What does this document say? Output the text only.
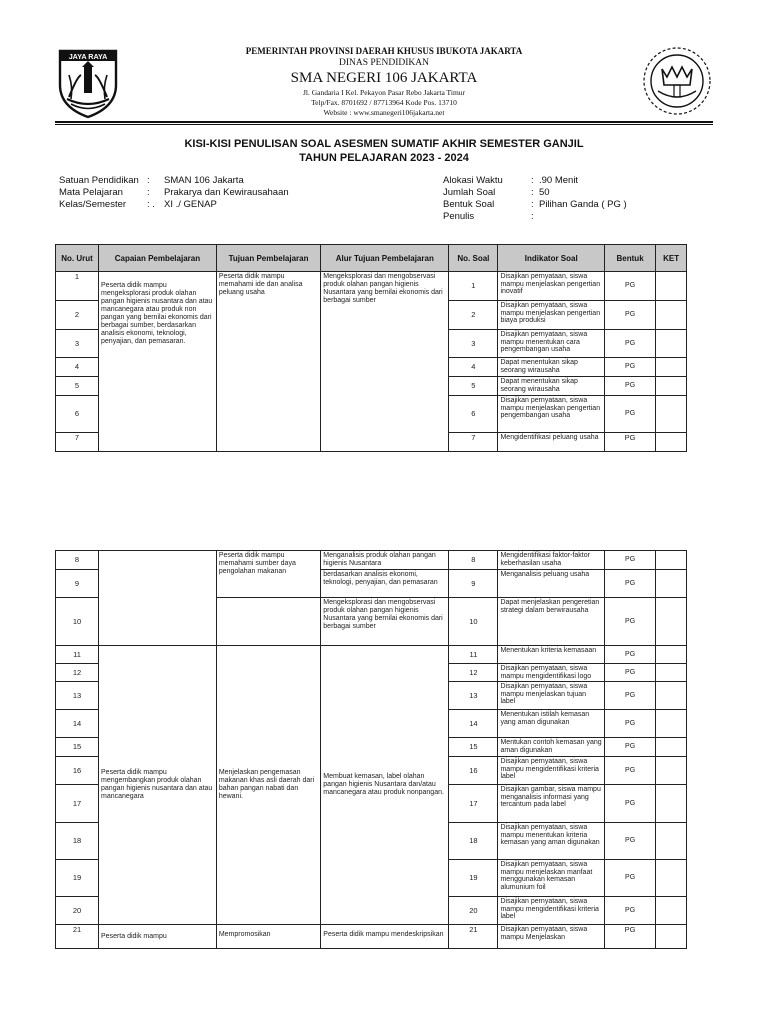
JAYA RAYA
PEMERINTAH PROVINSI DAERAH KHUSUS IBUKOTA JAKARTA
DINAS PENDIDIKAN
SMA NEGERI 106 JAKARTA
Jl. Gandaria I Kel. Pekayon Pasar Rebo Jakarta Timur
Telp/Fax. 8701692 / 87713964 Kode Pos. 13710
Website : www.smanegeri106jakarta.net
KISI-KISI PENULISAN SOAL ASESMEN SUMATIF AKHIR SEMESTER GANJIL
TAHUN PELAJARAN 2023 - 2024
Satuan Pendidikan :	SMAN 106 Jakarta
Mata Pelajaran	:	Prakarya dan Kewirausahaan
Kelas/Semester	: . XI ./ GENAP
Alokasi Waktu	: .90 Menit
Jumlah Soal	: 50
Bentuk Soal	: Pilihan Ganda ( PG )
Penulis	:
No. Urut	Capaian Pembelajaran	Tujuan Pembelajaran	Alur Tujuan Pembelajaran	No. Soal	Indikator Soal	Bentuk	KET
1	Peserta didik mampu mengeksplorasi produk olahan pangan higienis nusantara dan atau mancanegara atau produk non pangan yang bernilai ekonomis dari berbagai sumber, berdasarkan analisis ekonomi, teknologi, penyajian, dan pemasaran.	Peserta didik mampu memahami ide dan analisa peluang usaha	Mengeksplorasi dan mengobservasi produk olahan pangan higienis Nusantara yang bernilai ekonomis dari berbagai sumber	1	Disajikan pernyataan, siswa mampu menjelaskan pengertian inovatif	PG	
2				2	Disajikan pernyataan, siswa mampu menjelaskan pengertian biaya produksi	PG	
3				3	Disajikan pernyataan, siswa mampu menentukan cara pengembangan usaha	PG	
4				4	Dapat menentukan sikap seorang wirausaha	PG	
5				5	Dapat menentukan sikap seorang wirausaha	PG	
6				6	Disajikan pernyataan, siswa mampu menjelaskan pengertian pengembangan usaha	PG	
7				7	Mengidentifikasi peluang usaha	PG	
8		Peserta didik mampu memahami sumber daya pengolahan makanan	Menganalisis produk olahan pangan higienis Nusantara	8	Mengidentifikasi faktor-faktor keberhasilan usaha	PG	
9			berdasarkan analisis ekonomi, teknologi, penyajian, dan pemasaran	9	Menganalisis peluang usaha	PG	
10			Mengeksplorasi dan mengobservasi produk olahan pangan higienis Nusantara yang bernilai ekonomis dari berbagai sumber	10	Dapat menjelaskan pengeretian strategi dalam berwirausaha	PG	
11	Peserta didik mampu mengembangkan produk olahan pangan higienis nusantara dan atau mancanegara	Menjelaskan pengemasan makanan khas asli daerah dari bahan pangan nabati dan hewani.	Membuat kemasan, label olahan pangan higienis Nusantara dan/atau mancanegara atau produk nonpangan.	11	Menentukan kriteria kemasaan	PG	
12				12	Disajikan pernyataan, siswa mampu mengidentifikasi logo	PG	
13				13	Disajikan pernyataan, siswa mampu menjelaskan tujuan label	PG	
14				14	Menentukan istilah kemasan yang aman digunakan	PG	
15				15	Mentukan contoh kemasan yang aman digunakan	PG	
16				16	Disajikan pernyataan, siswa mampu mengidentifikasi kriteria label	PG	
17				17	Disajikan gambar, siswa mampu menganalisis informasi yang tercantum pada label	PG	
18				18	Disajikan pernyataan, siswa mampu menentukan kriteria kemasan yang aman digunakan	PG	
19				19	Disajikan pernyataan, siswa mampu menjelaskan manfaat menggunakan kemasan alumunium foil	PG	
20				20	Disajikan pernyataan, siswa mampu mengidentifikasi kriteria label	PG	
21	Peserta didik mampu	Mempromosikan	Peserta didik mampu mendeskripsikan	21	Disajikan pernyataan, siswa mampu Menjelaskan	PG	
